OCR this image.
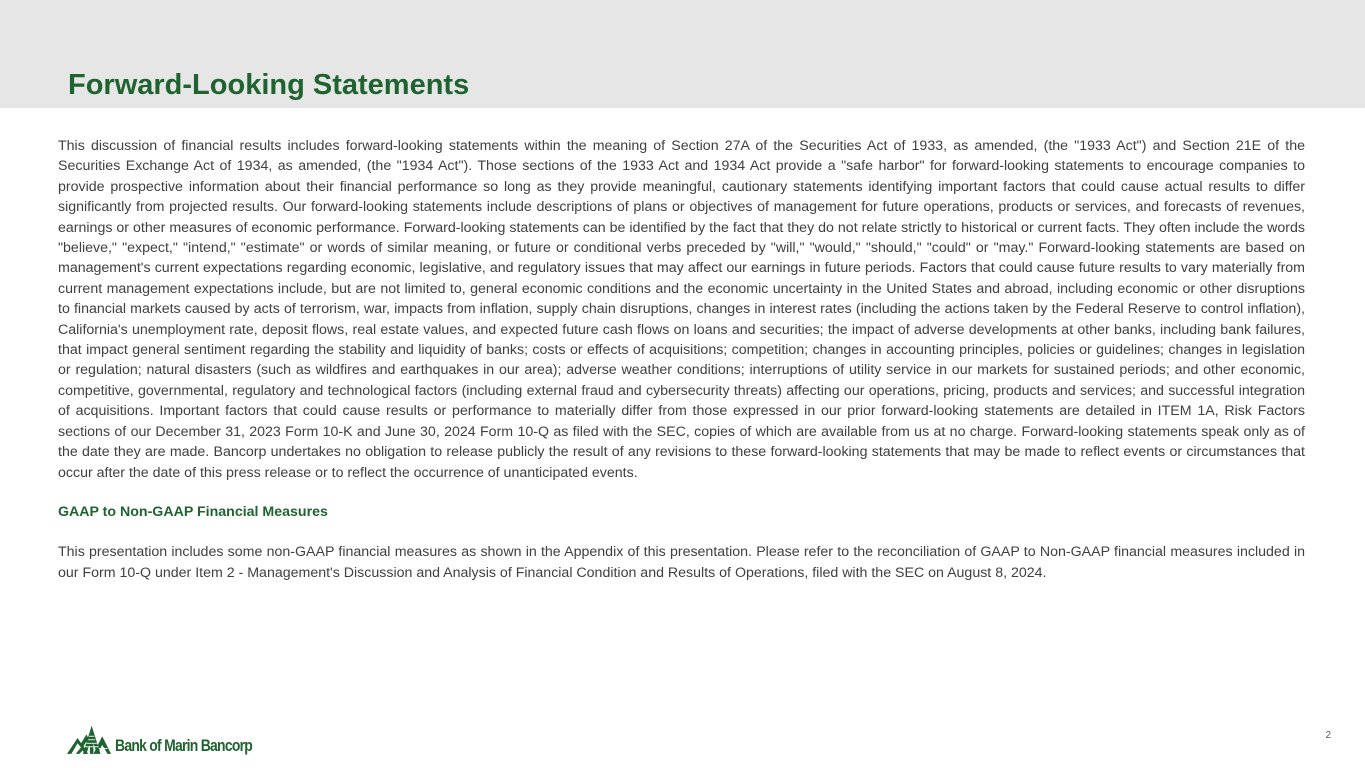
Forward-Looking Statements

This discussion of financial results includes forward-looking statements within the meaning of Section 27A of the Securities Act of 1933, as amended, (the "1933 Act") and Section 21E of the Securities Exchange Act of 1934, as amended, (the "1934 Act"). Those sections of the 1933 Act and 1934 Act provide a "safe harbor" for forward-looking statements to encourage companies to provide prospective information about their financial performance so long as they provide meaningful, cautionary statements identifying important factors that could cause actual results to differ significantly from projected results. Our forward-looking statements include descriptions of plans or objectives of management for future operations, products or services, and forecasts of revenues, earnings or other measures of economic performance. Forward-looking statements can be identified by the fact that they do not relate strictly to historical or current facts. They often include the words "believe," "expect," "intend," "estimate" or words of similar meaning, or future or conditional verbs preceded by "will," "would," "should," "could" or "may." Forward-looking statements are based on management's current expectations regarding economic, legislative, and regulatory issues that may affect our earnings in future periods. Factors that could cause future results to vary materially from current management expectations include, but are not limited to, general economic conditions and the economic uncertainty in the United States and abroad, including economic or other disruptions to financial markets caused by acts of terrorism, war, impacts from inflation, supply chain disruptions, changes in interest rates (including the actions taken by the Federal Reserve to control inflation), California's unemployment rate, deposit flows, real estate values, and expected future cash flows on loans and securities; the impact of adverse developments at other banks, including bank failures, that impact general sentiment regarding the stability and liquidity of banks; costs or effects of acquisitions; competition; changes in accounting principles, policies or guidelines; changes in legislation or regulation; natural disasters (such as wildfires and earthquakes in our area); adverse weather conditions; interruptions of utility service in our markets for sustained periods; and other economic, competitive, governmental, regulatory and technological factors (including external fraud and cybersecurity threats) affecting our operations, pricing, products and services; and successful integration of acquisitions. Important factors that could cause results or performance to materially differ from those expressed in our prior forward-looking statements are detailed in ITEM 1A, Risk Factors sections of our December 31, 2023 Form 10-K and June 30, 2024 Form 10-Q as filed with the SEC, copies of which are available from us at no charge. Forward-looking statements speak only as of the date they are made. Bancorp undertakes no obligation to release publicly the result of any revisions to these forward-looking statements that may be made to reflect events or circumstances that occur after the date of this press release or to reflect the occurrence of unanticipated events.

GAAP to Non-GAAP Financial Measures

This presentation includes some non-GAAP financial measures as shown in the Appendix of this presentation. Please refer to the reconciliation of GAAP to Non-GAAP financial measures included in our Form 10-Q under Item 2 - Management's Discussion and Analysis of Financial Condition and Results of Operations, filed with the SEC on August 8, 2024.

Bank of Marin Bancorp
2
